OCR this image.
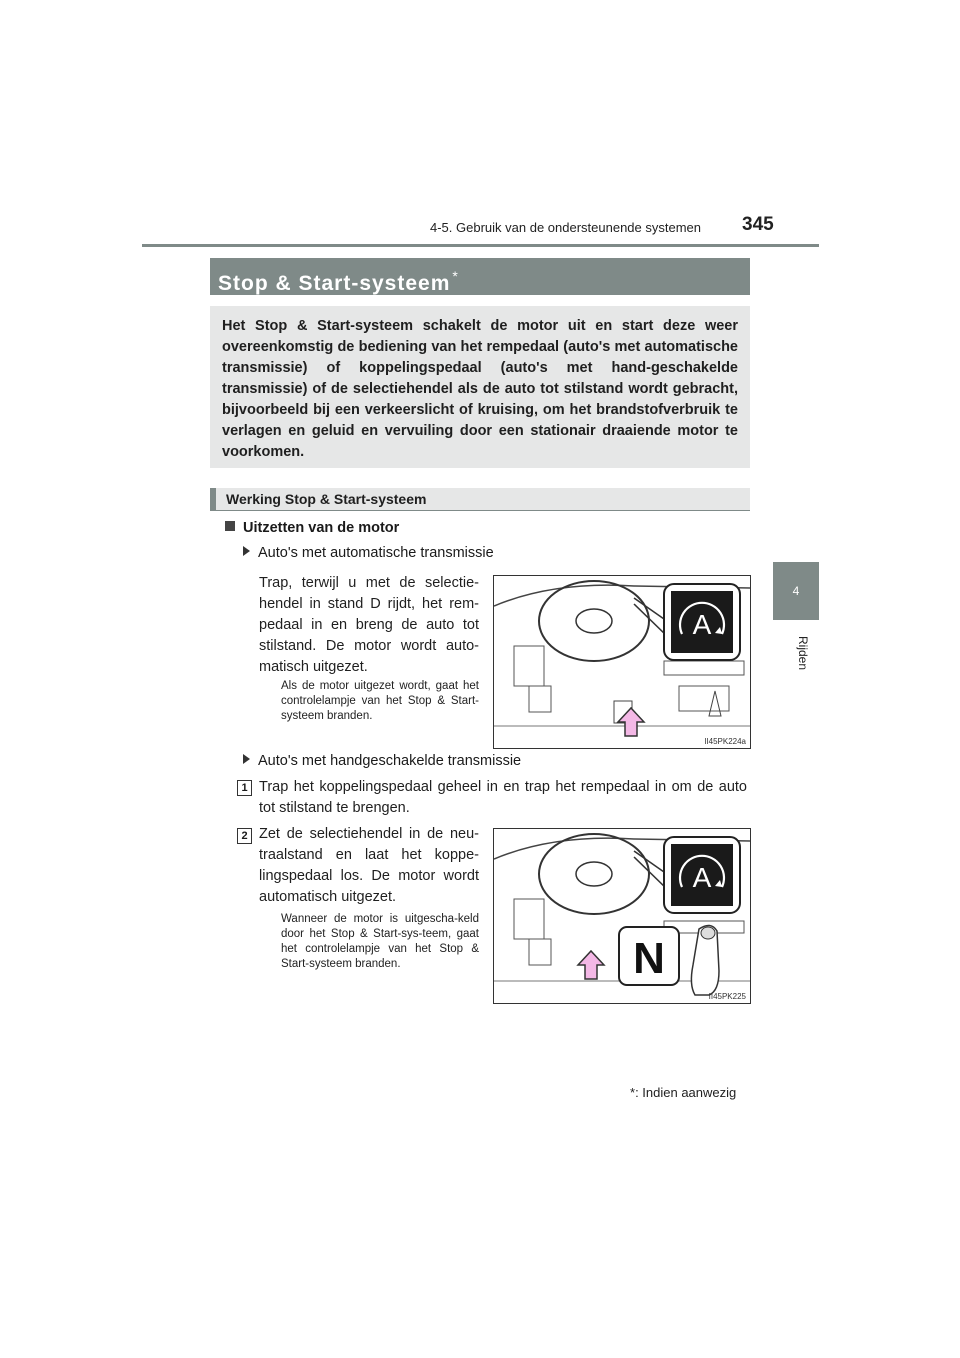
4-5. Gebruik van de ondersteunende systemen 345
4
Rijden
Stop & Start-systeem *
Het Stop & Start-systeem schakelt de motor uit en start deze weer overeenkomstig de bediening van het rempedaal (auto's met automatische transmissie) of koppelingspedaal (auto's met hand-geschakelde transmissie) of de selectiehendel als de auto tot stilstand wordt gebracht, bijvoorbeeld bij een verkeerslicht of kruising, om het brandstofverbruik te verlagen en geluid en vervuiling door een stationair draaiende motor te voorkomen.
Werking Stop & Start-systeem
Uitzetten van de motor
Auto's met automatische transmissie
Trap, terwijl u met de selectie-hendel in stand D rijdt, het rem-pedaal in en breng de auto tot stilstand. De motor wordt auto-matisch uitgezet.
Als de motor uitgezet wordt, gaat het controlelampje van het Stop & Start-systeem branden.
A
II45PK224a
Auto's met handgeschakelde transmissie
1 Trap het koppelingspedaal geheel in en trap het rempedaal in om de auto tot stilstand te brengen.
2 Zet de selectiehendel in de neu-traalstand en laat het koppe-lingspedaal los. De motor wordt automatisch uitgezet.
Wanneer de motor is uitgescha-keld door het Stop & Start-sys-teem, gaat het controlelampje van het Stop & Start-systeem branden.
A
N
II45PK225
*: Indien aanwezig
